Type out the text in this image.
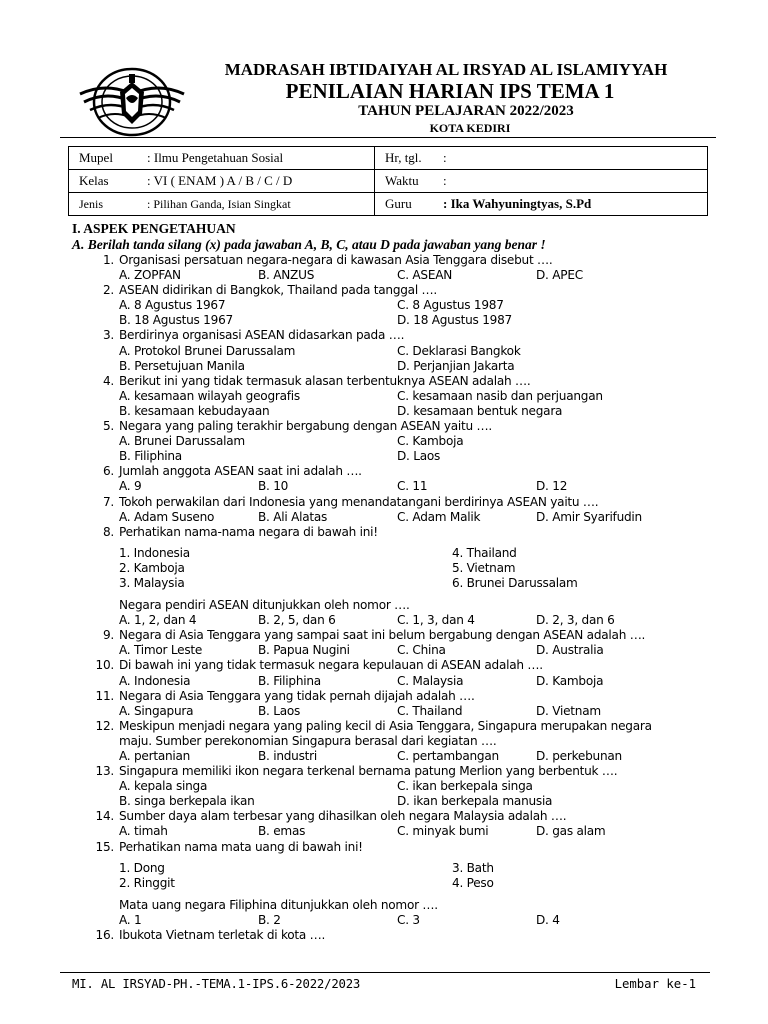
MADRASAH IBTIDAIYAH AL IRSYAD AL ISLAMIYYAH
PENILAIAN HARIAN IPS TEMA 1
TAHUN PELAJARAN 2022/2023
KOTA KEDIRI
Mupel : Ilmu Pengetahuan Sosial	Hr, tgl. :
Kelas : VI ( ENAM ) A / B / C / D	Waktu :
Jenis : Pilihan Ganda, Isian Singkat	Guru : Ika Wahyuningtyas, S.Pd
I. ASPEK PENGETAHUAN
A. Berilah tanda silang (x) pada jawaban A, B, C, atau D pada jawaban yang benar !
1. Organisasi persatuan negara-negara di kawasan Asia Tenggara disebut ….
A. ZOPFAN	B. ANZUS	C. ASEAN	D. APEC
2. ASEAN didirikan di Bangkok, Thailand pada tanggal ….
A. 8 Agustus 1967	C. 8 Agustus 1987
B. 18 Agustus 1967	D. 18 Agustus 1987
3. Berdirinya organisasi ASEAN didasarkan pada ….
A. Protokol Brunei Darussalam	C. Deklarasi Bangkok
B. Persetujuan Manila	D. Perjanjian Jakarta
4. Berikut ini yang tidak termasuk alasan terbentuknya ASEAN adalah ….
A. kesamaan wilayah geografis	C. kesamaan nasib dan perjuangan
B. kesamaan kebudayaan	D. kesamaan bentuk negara
5. Negara yang paling terakhir bergabung dengan ASEAN yaitu ….
A. Brunei Darussalam	C. Kamboja
B. Filiphina	D. Laos
6. Jumlah anggota ASEAN saat ini adalah ….
A. 9	B. 10	C. 11	D. 12
7. Tokoh perwakilan dari Indonesia yang menandatangani berdirinya ASEAN yaitu ….
A. Adam Suseno	B. Ali Alatas	C. Adam Malik	D. Amir Syarifudin
8. Perhatikan nama-nama negara di bawah ini!
1. Indonesia	4. Thailand
2. Kamboja	5. Vietnam
3. Malaysia	6. Brunei Darussalam
Negara pendiri ASEAN ditunjukkan oleh nomor ….
A. 1, 2, dan 4	B. 2, 5, dan 6	C. 1, 3, dan 4	D. 2, 3, dan 6
9. Negara di Asia Tenggara yang sampai saat ini belum bergabung dengan ASEAN adalah ….
A. Timor Leste	B. Papua Nugini	C. China	D. Australia
10. Di bawah ini yang tidak termasuk negara kepulauan di ASEAN adalah ….
A. Indonesia	B. Filiphina	C. Malaysia	D. Kamboja
11. Negara di Asia Tenggara yang tidak pernah dijajah adalah ….
A. Singapura	B. Laos	C. Thailand	D. Vietnam
12. Meskipun menjadi negara yang paling kecil di Asia Tenggara, Singapura merupakan negara
maju. Sumber perekonomian Singapura berasal dari kegiatan ….
A. pertanian	B. industri	C. pertambangan	D. perkebunan
13. Singapura memiliki ikon negara terkenal bernama patung Merlion yang berbentuk ….
A. kepala singa	C. ikan berkepala singa
B. singa berkepala ikan	D. ikan berkepala manusia
14. Sumber daya alam terbesar yang dihasilkan oleh negara Malaysia adalah ….
A. timah	B. emas	C. minyak bumi	D. gas alam
15. Perhatikan nama mata uang di bawah ini!
1. Dong	3. Bath
2. Ringgit	4. Peso
Mata uang negara Filiphina ditunjukkan oleh nomor ….
A. 1	B. 2	C. 3	D. 4
16. Ibukota Vietnam terletak di kota ….
MI. AL IRSYAD-PH.-TEMA.1-IPS.6-2022/2023	Lembar ke-1
